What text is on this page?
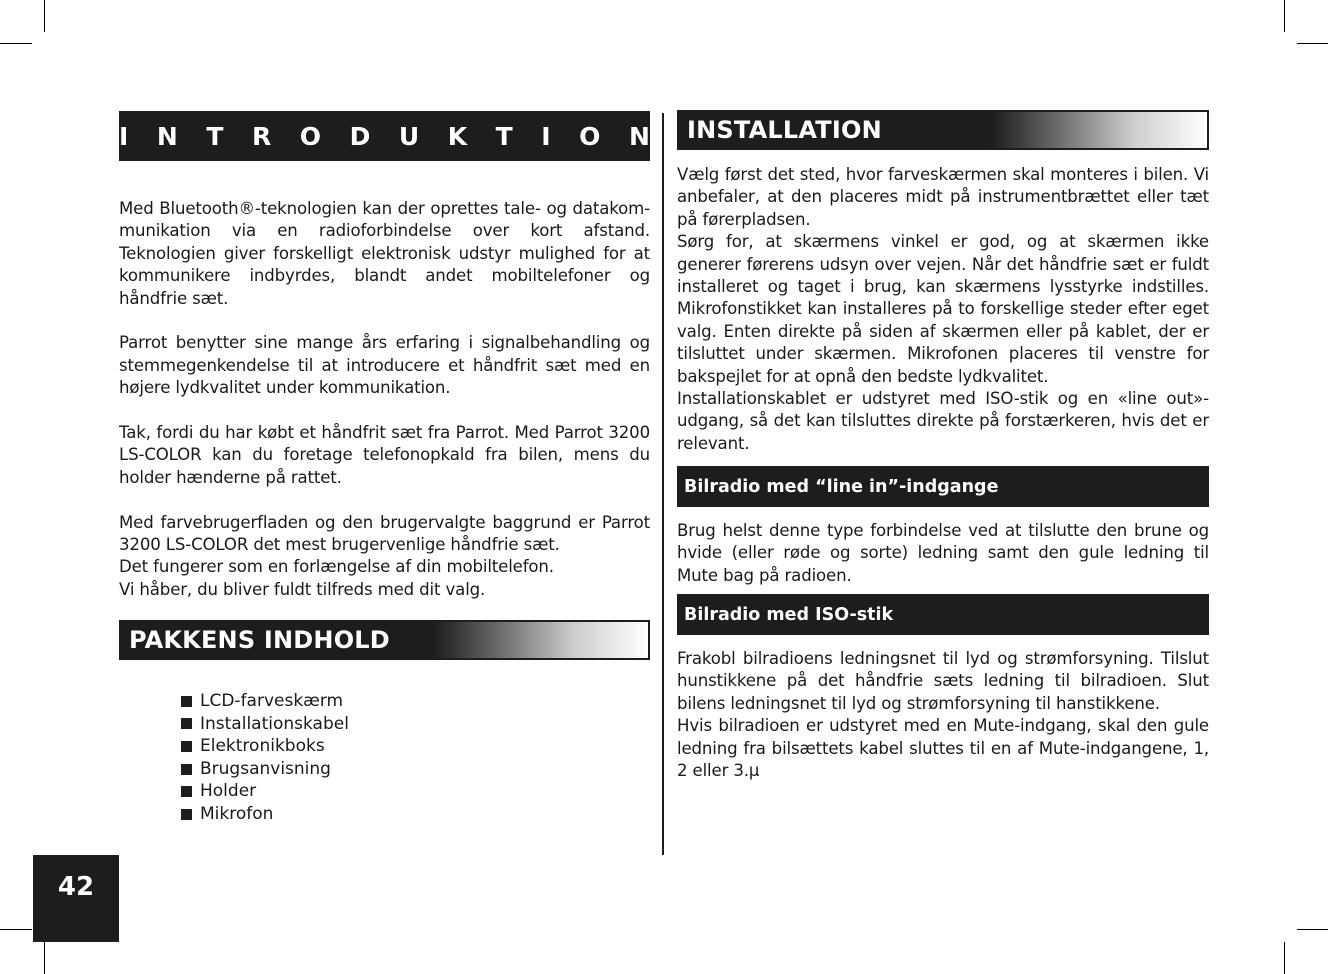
I N T R O D U K T I O N

Med Bluetooth®-teknologien kan der oprettes tale- og datakom-munikation via en radioforbindelse over kort afstand. Teknologien giver forskelligt elektronisk udstyr mulighed for at kommunikere indbyrdes, blandt andet mobiltelefoner og håndfrie sæt.

Parrot benytter sine mange års erfaring i signalbehandling og stemmegenkendelse til at introducere et håndfrit sæt med en højere lydkvalitet under kommunikation.

Tak, fordi du har købt et håndfrit sæt fra Parrot. Med Parrot 3200 LS-COLOR kan du foretage telefonopkald fra bilen, mens du holder hænderne på rattet.

Med farvebrugerfladen og den brugervalgte baggrund er Parrot 3200 LS-COLOR det mest brugervenlige håndfrie sæt.

Det fungerer som en forlængelse af din mobiltelefon.

Vi håber, du bliver fuldt tilfreds med dit valg.

PAKKENS INDHOLD
LCD-farveskærm
Installationskabel
Elektronikboks
Brugsanvisning
Holder
Mikrofon
42
INSTALLATION

Vælg først det sted, hvor farveskærmen skal monteres i bilen. Vi anbefaler, at den placeres midt på instrumentbrættet eller tæt på førerpladsen.

Sørg for, at skærmens vinkel er god, og at skærmen ikke generer førerens udsyn over vejen. Når det håndfrie sæt er fuldt installeret og taget i brug, kan skærmens lysstyrke indstilles. Mikrofonstikket kan installeres på to forskellige steder efter eget valg. Enten direkte på siden af skærmen eller på kablet, der er tilsluttet under skærmen. Mikrofonen placeres til venstre for bakspejlet for at opnå den bedste lydkvalitet.

Installationskablet er udstyret med ISO-stik og en «line out»-udgang, så det kan tilsluttes direkte på forstærkeren, hvis det er relevant.

Bilradio med “line in”-indgange

Brug helst denne type forbindelse ved at tilslutte den brune og hvide (eller røde og sorte) ledning samt den gule ledning til Mute bag på radioen.

Bilradio med ISO-stik

Frakobl bilradioens ledningsnet til lyd og strømforsyning. Tilslut hunstikkene på det håndfrie sæts ledning til bilradioen. Slut bilens ledningsnet til lyd og strømforsyning til hanstikkene.

Hvis bilradioen er udstyret med en Mute-indgang, skal den gule ledning fra bilsættets kabel sluttes til en af Mute-indgangene, 1, 2 eller 3.µ
